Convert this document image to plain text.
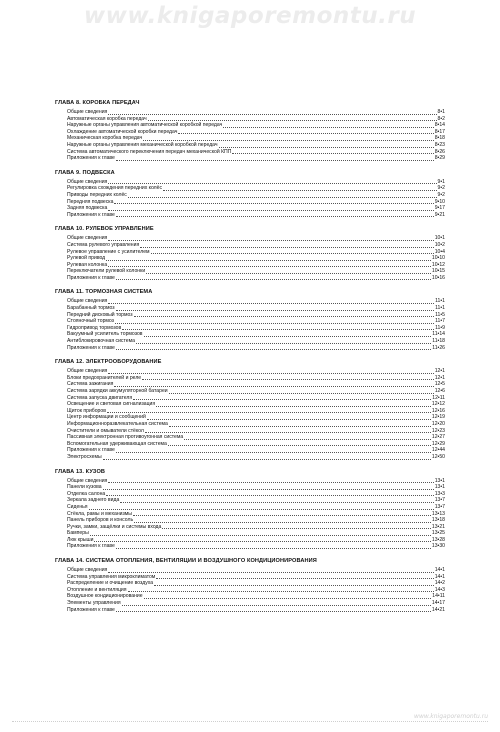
www.knigaporemontu.ru
ГЛАВА 8. КОРОБКА ПЕРЕДАЧ
Общие сведения	8•1
Автоматическая коробка передач	8•2
Наружные органы управления автоматической коробкой передач	8•14
Охлаждение автоматической коробки передач	8•17
Механическая коробка передач	8•18
Наружные органы управления механической коробкой передач	8•23
Система автоматического переключения передач механической КПП	8•26
Приложения к главе	8•29
ГЛАВА 9. ПОДВЕСКА
Общие сведения	9•1
Регулировка схождения передних колёс	9•2
Приводы передних колёс	9•2
Передняя подвеска	9•10
Задняя подвеска	9•17
Приложения к главе	9•21
ГЛАВА 10. РУЛЕВОЕ УПРАВЛЕНИЕ
Общие сведения	10•1
Система рулевого управления	10•2
Рулевое управление с усилителем	10•4
Рулевой привод	10•10
Рулевая колонка	10•12
Переключатели рулевой колонки	10•15
Приложения к главе	10•16
ГЛАВА 11. ТОРМОЗНАЯ СИСТЕМА
Общие сведения	11•1
Барабанный тормоз	11•1
Передний дисковый тормоз	11•5
Стояночный тормоз	11•7
Гидропривод тормозов	11•9
Вакуумный усилитель тормозов	11•14
Антиблокировочная система	11•18
Приложения к главе	11•26
ГЛАВА 12. ЭЛЕКТРООБОРУДОВАНИЕ
Общие сведения	12•1
Блоки предохранителей и реле	12•1
Система зажигания	12•5
Система зарядки аккумуляторной батареи	12•6
Система запуска двигателя	12•11
Освещение и световая сигнализация	12•12
Щиток приборов	12•16
Центр информации и сообщений	12•19
Информационноразвлекательная система	12•20
Очистители и омыватели стёкол	12•23
Пассивная электронная противоугонная система	12•27
Вспомогательная удерживающая система	12•29
Приложения к главе	12•44
Электросхемы	12•50
ГЛАВА 13. КУЗОВ
Общие сведения	13•1
Панели кузова	13•1
Отделка салона	13•3
Зеркала заднего вида	13•7
Сиденья	13•7
Стёкла, рамы и механизмы	13•13
Панель приборов и консоль	13•18
Ручки, замки, защёлки и системы входа	13•21
Бамперы	13•25
Люк крыши	13•28
Приложения к главе	13•30
ГЛАВА 14. СИСТЕМА ОТОПЛЕНИЯ, ВЕНТИЛЯЦИИ И ВОЗДУШНОГО КОНДИЦИОНИРОВАНИЯ
Общие сведения	14•1
Система управления микроклиматом	14•1
Распределение и очищение воздуха	14•2
Отопление и вентиляция	14•3
Воздушное кондиционирование	14•11
Элементы управления	14•17
Приложения к главе	14•21
www.knigaporemontu.ru
